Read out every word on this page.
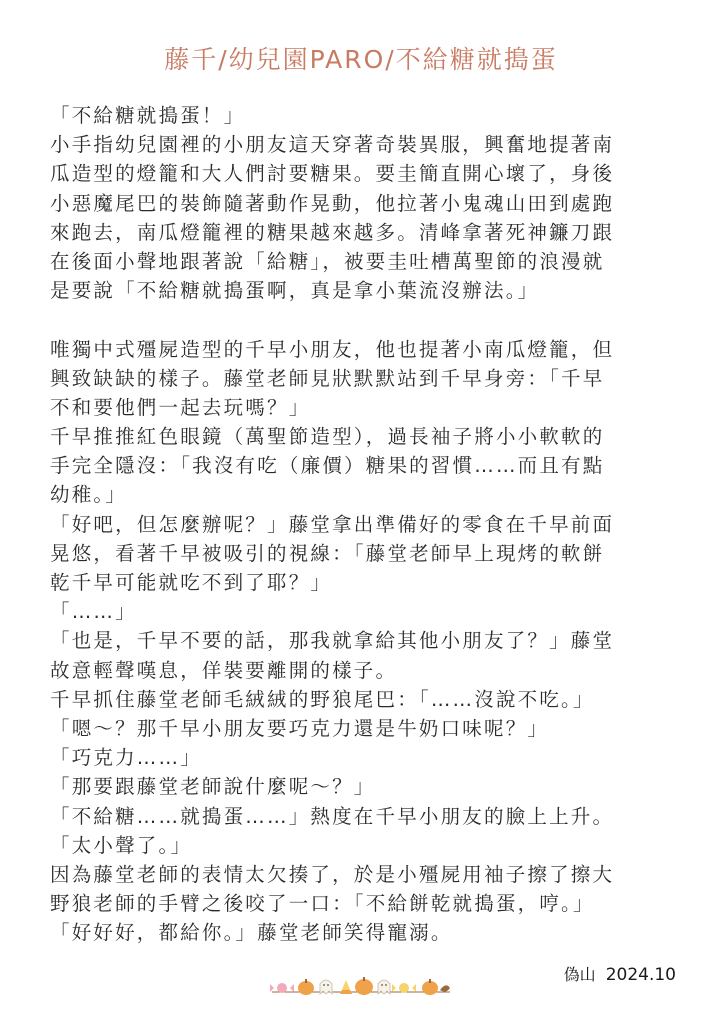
藤千/幼兒園PARO/不給糖就搗蛋
「不給糖就搗蛋！」
小手指幼兒園裡的小朋友這天穿著奇裝異服，興奮地提著南
瓜造型的燈籠和大人們討要糖果。要圭簡直開心壞了，身後
小惡魔尾巴的裝飾隨著動作晃動，他拉著小鬼魂山田到處跑
來跑去，南瓜燈籠裡的糖果越來越多。清峰拿著死神鐮刀跟
在後面小聲地跟著說「給糖」，被要圭吐槽萬聖節的浪漫就
是要說「不給糖就搗蛋啊，真是拿小葉流沒辦法。」
唯獨中式殭屍造型的千早小朋友，他也提著小南瓜燈籠，但
興致缺缺的樣子。藤堂老師見狀默默站到千早身旁：「千早
不和要他們一起去玩嗎？」
千早推推紅色眼鏡（萬聖節造型），過長袖子將小小軟軟的
手完全隱沒：「我沒有吃（廉價）糖果的習慣……而且有點
幼稚。」
「好吧，但怎麼辦呢？」藤堂拿出準備好的零食在千早前面
晃悠，看著千早被吸引的視線：「藤堂老師早上現烤的軟餅
乾千早可能就吃不到了耶？」
「……」
「也是，千早不要的話，那我就拿給其他小朋友了？」藤堂
故意輕聲嘆息，佯裝要離開的樣子。
千早抓住藤堂老師毛絨絨的野狼尾巴：「……沒說不吃。」
「嗯～？那千早小朋友要巧克力還是牛奶口味呢？」
「巧克力……」
「那要跟藤堂老師說什麼呢～？」
「不給糖……就搗蛋……」熱度在千早小朋友的臉上上升。
「太小聲了。」
因為藤堂老師的表情太欠揍了，於是小殭屍用袖子擦了擦大
野狼老師的手臂之後咬了一口：「不給餅乾就搗蛋，哼。」
「好好好，都給你。」藤堂老師笑得寵溺。
偽山 2024.10
